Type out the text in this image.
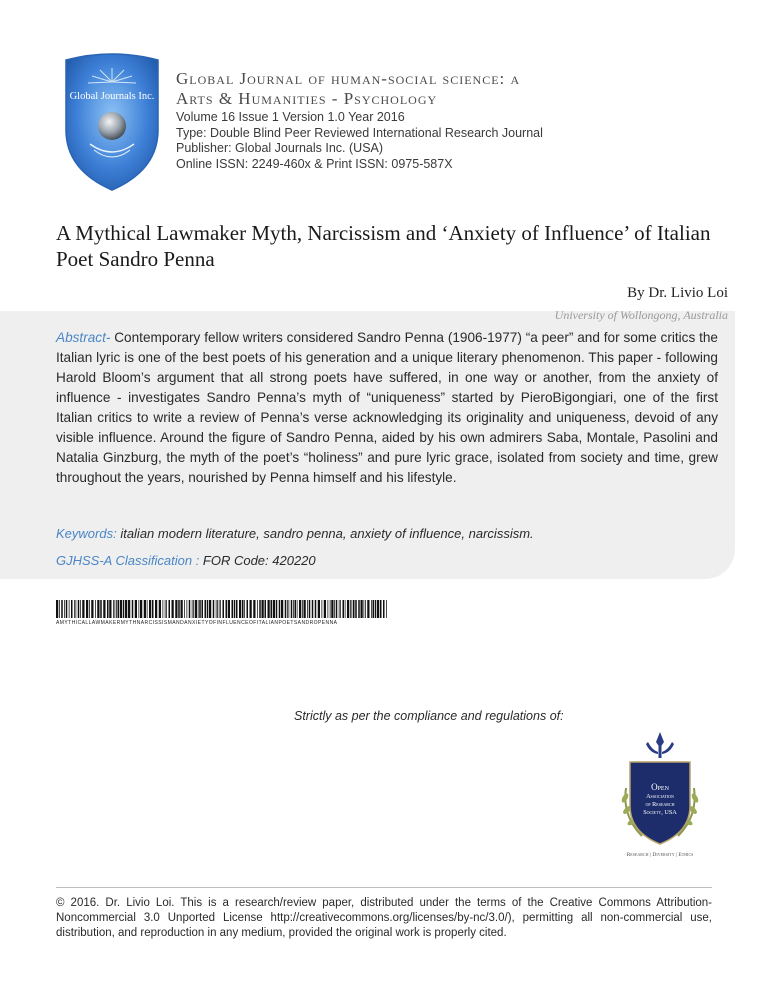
Global Journals Inc.
Global Journal of human-social science: a
Arts & Humanities - Psychology
Volume 16 Issue 1 Version 1.0 Year 2016
Type: Double Blind Peer Reviewed International Research Journal
Publisher: Global Journals Inc. (USA)
Online ISSN: 2249-460x & Print ISSN: 0975-587X
A Mythical Lawmaker Myth, Narcissism and ‘Anxiety of Influence’ of Italian Poet Sandro Penna
By Dr. Livio Loi
University of Wollongong, Australia
Abstract- Contemporary fellow writers considered Sandro Penna (1906-1977) “a peer” and for some critics the Italian lyric is one of the best poets of his generation and a unique literary phenomenon. This paper - following Harold Bloom’s argument that all strong poets have suffered, in one way or another, from the anxiety of influence - investigates Sandro Penna’s myth of “uniqueness” started by PieroBigongiari, one of the first Italian critics to write a review of Penna’s verse acknowledging its originality and uniqueness, devoid of any visible influence. Around the figure of Sandro Penna, aided by his own admirers Saba, Montale, Pasolini and Natalia Ginzburg, the myth of the poet’s “holiness” and pure lyric grace, isolated from society and time, grew throughout the years, nourished by Penna himself and his lifestyle.
Keywords: italian modern literature, sandro penna, anxiety of influence, narcissism.
GJHSS-A Classification : FOR Code: 420220
AMYTHICALLAWMAKERMYTHNARCISSISMANDANXIETYOFINFLUENCEOFITALIANPOETSANDROPENNA
Strictly as per the compliance and regulations of:
Open
Association
of Research
Society, USA
Research | Diversity | Ethics
© 2016. Dr. Livio Loi. This is a research/review paper, distributed under the terms of the Creative Commons Attribution-Noncommercial 3.0 Unported License http://creativecommons.org/licenses/by-nc/3.0/), permitting all non-commercial use, distribution, and reproduction in any medium, provided the original work is properly cited.
